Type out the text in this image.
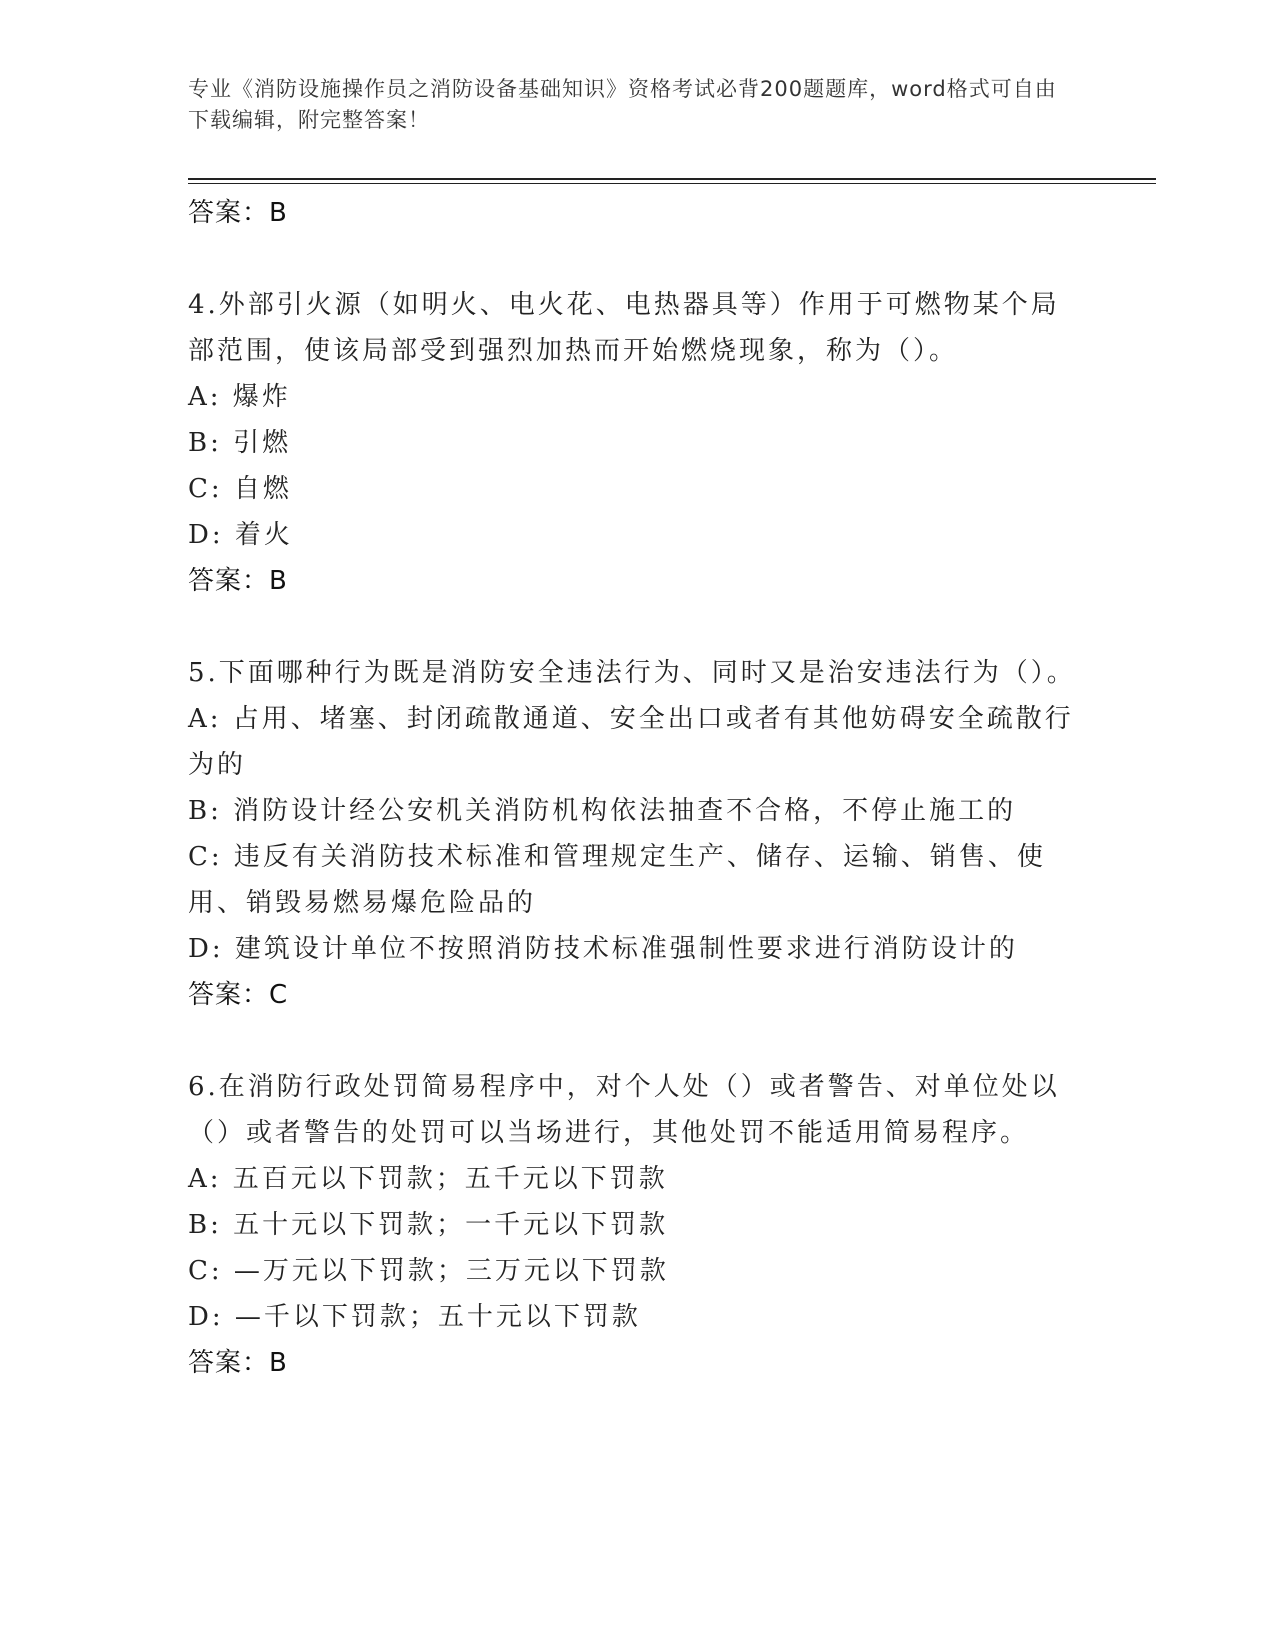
专业《消防设施操作员之消防设备基础知识》资格考试必背200题题库，word格式可自由下载编辑，附完整答案！
答案：B
4.外部引火源（如明火、电火花、电热器具等）作用于可燃物某个局部范围，使该局部受到强烈加热而开始燃烧现象，称为（）。
A: 爆炸
B: 引燃
C: 自燃
D: 着火
答案：B
5.下面哪种行为既是消防安全违法行为、同时又是治安违法行为（）。
A: 占用、堵塞、封闭疏散通道、安全出口或者有其他妨碍安全疏散行为的
B: 消防设计经公安机关消防机构依法抽查不合格，不停止施工的
C: 违反有关消防技术标准和管理规定生产、储存、运输、销售、使用、销毁易燃易爆危险品的
D: 建筑设计单位不按照消防技术标准强制性要求进行消防设计的
答案：C
6.在消防行政处罚简易程序中，对个人处（）或者警告、对单位处以（）或者警告的处罚可以当场进行，其他处罚不能适用简易程序。
A: 五百元以下罚款；五千元以下罚款
B: 五十元以下罚款；一千元以下罚款
C: —万元以下罚款；三万元以下罚款
D: —千以下罚款；五十元以下罚款
答案：B
